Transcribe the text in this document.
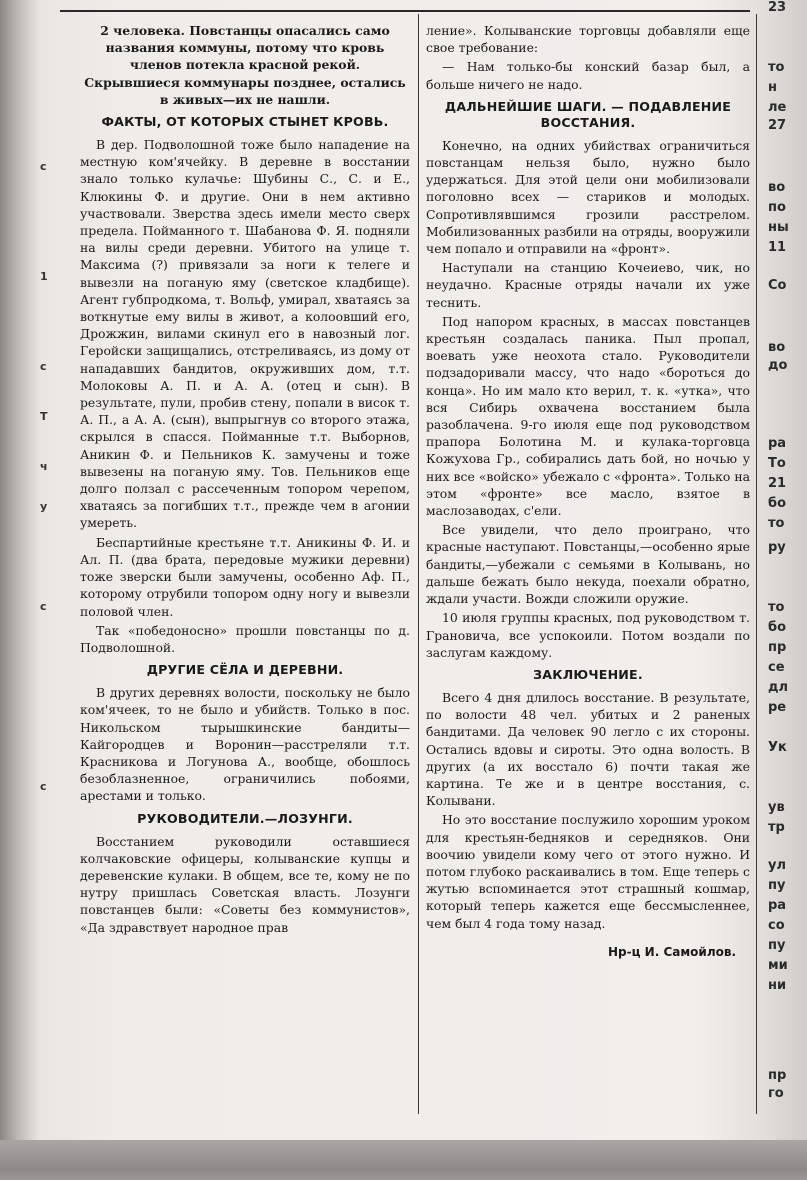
с
1
с
Т
ч
у
с
с
23
то
н
ле
27
во
по
ны
11
Со
во
до
ра
То
21
бо
то
ру
то
бо
пр
се
дл
ре
Ук
ув
тр
ул
пу
ра
со
пу
ми
ни
пр
го

2 человека. Повстанцы опасались само названия коммуны, потому что кровь членов потекла красной рекой. Скрывшиеся коммунары позднее, остались в живых—их не нашли.

ФАКТЫ, ОТ КОТОРЫХ СТЫНЕТ КРОВЬ.

В дер. Подволошной тоже было нападение на местную ком'ячейку. В деревне в восстании знало только кулачье: Шубины С., С. и Е., Клюкины Ф. и другие. Они в нем активно участвовали. Зверства здесь имели место сверх предела. Пойманного т. Шабанова Ф. Я. подняли на вилы среди деревни. Убитого на улице т. Максима (?) привязали за ноги к телеге и вывезли на поганую яму (светское кладбище). Агент губпродкома, т. Вольф, умирал, хватаясь за воткнутые ему вилы в живот, а колоовший его, Дрожжин, вилами скинул его в навозный лог. Геройски защищались, отстреливаясь, из дому от нападавших бандитов, окруживших дом, т.т. Молоковы А. П. и А. А. (отец и сын). В результате, пули, пробив стену, попали в висок т. А. П., а А. А. (сын), выпрыгнув со второго этажа, скрылся в спасся. Пойманные т.т. Выборнов, Аникин Ф. и Пельников К. замучены и тоже вывезены на поганую яму. Тов. Пельников еще долго ползал с рассеченным топором черепом, хватаясь за погибших т.т., прежде чем в агонии умереть.

Беспартийные крестьяне т.т. Аникины Ф. И. и Ал. П. (два брата, передовые мужики деревни) тоже зверски были замучены, особенно Аф. П., которому отрубили топором одну ногу и вывезли половой член.

Так «победоносно» прошли повстанцы по д. Подволошной.

ДРУГИЕ СЁЛА И ДЕРЕВНИ.

В других деревнях волости, поскольку не было ком'ячеек, то не было и убийств. Только в пос. Никольском тырышкинские бандиты—Кайгородцев и Воронин—расстреляли т.т. Красникова и Логунова А., вообще, обошлось безоблазненное, ограничились побоями, арестами и только.

РУКОВОДИТЕЛИ.—ЛОЗУНГИ.

Восстанием руководили оставшиеся колчаковские офицеры, колыванские купцы и деревенские кулаки. В общем, все те, кому не по нутру пришлась Советская власть. Лозунги повстанцев были: «Советы без коммунистов», «Да здравствует народное прав

ление». Колыванские торговцы добавляли еще свое требование:

— Нам только-бы конский базар был, а больше ничего не надо.

ДАЛЬНЕЙШИЕ ШАГИ. — ПОДАВЛЕНИЕ ВОССТАНИЯ.

Конечно, на одних убийствах ограничиться повстанцам нельзя было, нужно было удержаться. Для этой цели они мобилизовали поголовно всех — стариков и молодых. Сопротивлявшимся грозили расстрелом. Мобилизованных разбили на отряды, вооружили чем попало и отправили на «фронт».

Наступали на станцию Кочеиево, чик, но неудачно. Красные отряды начали их уже теснить.

Под напором красных, в массах повстанцев крестьян создалась паника. Пыл пропал, воевать уже неохота стало. Руководители подзадоривали массу, что надо «бороться до конца». Но им мало кто верил, т. к. «утка», что вся Сибирь охвачена восстанием была разоблачена. 9-го июля еще под руководством прапора Болотина М. и кулака-торговца Кожухова Гр., собирались дать бой, но ночью у них все «войско» убежало с «фронта». Только на этом «фронте» все масло, взятое в маслозаводах, с'ели.

Все увидели, что дело проиграно, что красные наступают. Повстанцы,—особенно ярые бандиты,—убежали с семьями в Колывань, но дальше бежать было некуда, поехали обратно, ждали участи. Вожди сложили оружие.

10 июля группы красных, под руководством т. Грановича, все успокоили. Потом воздали по заслугам каждому.

ЗАКЛЮЧЕНИЕ.

Всего 4 дня длилось восстание. В результате, по волости 48 чел. убитых и 2 раненых бандитами. Да человек 90 легло с их стороны. Остались вдовы и сироты. Это одна волость. В других (а их восстало 6) почти такая же картина. Те же и в центре восстания, с. Колывани.

Но это восстание послужило хорошим уроком для крестьян-бедняков и середняков. Они воочию увидели кому чего от этого нужно. И потом глубоко раскаивались в том. Еще теперь с жутью вспоминается этот страшный кошмар, который теперь кажется еще бессмысленнее, чем был 4 года тому назад.

Нр-ц И. Самойлов.
